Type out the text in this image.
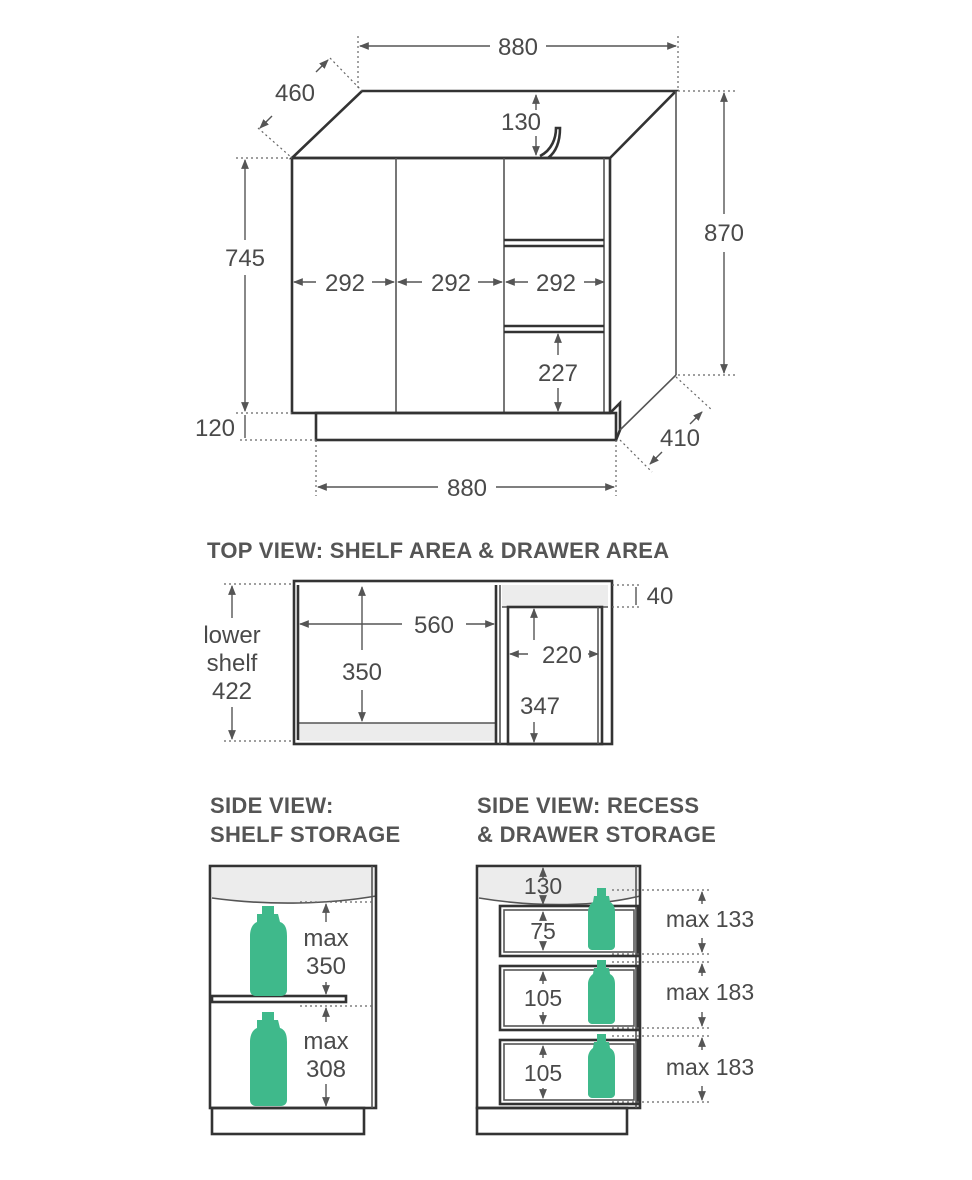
880
460
130
870
745
292	292	292
227
120	410
880
TOP VIEW: SHELF AREA & DRAWER AREA
lower
shelf
422
560
350
40
220
347
SIDE VIEW:
SHELF STORAGE
max
350
max
308
SIDE VIEW: RECESS
& DRAWER STORAGE
130
75
105
105
max 133
max 183
max 183
